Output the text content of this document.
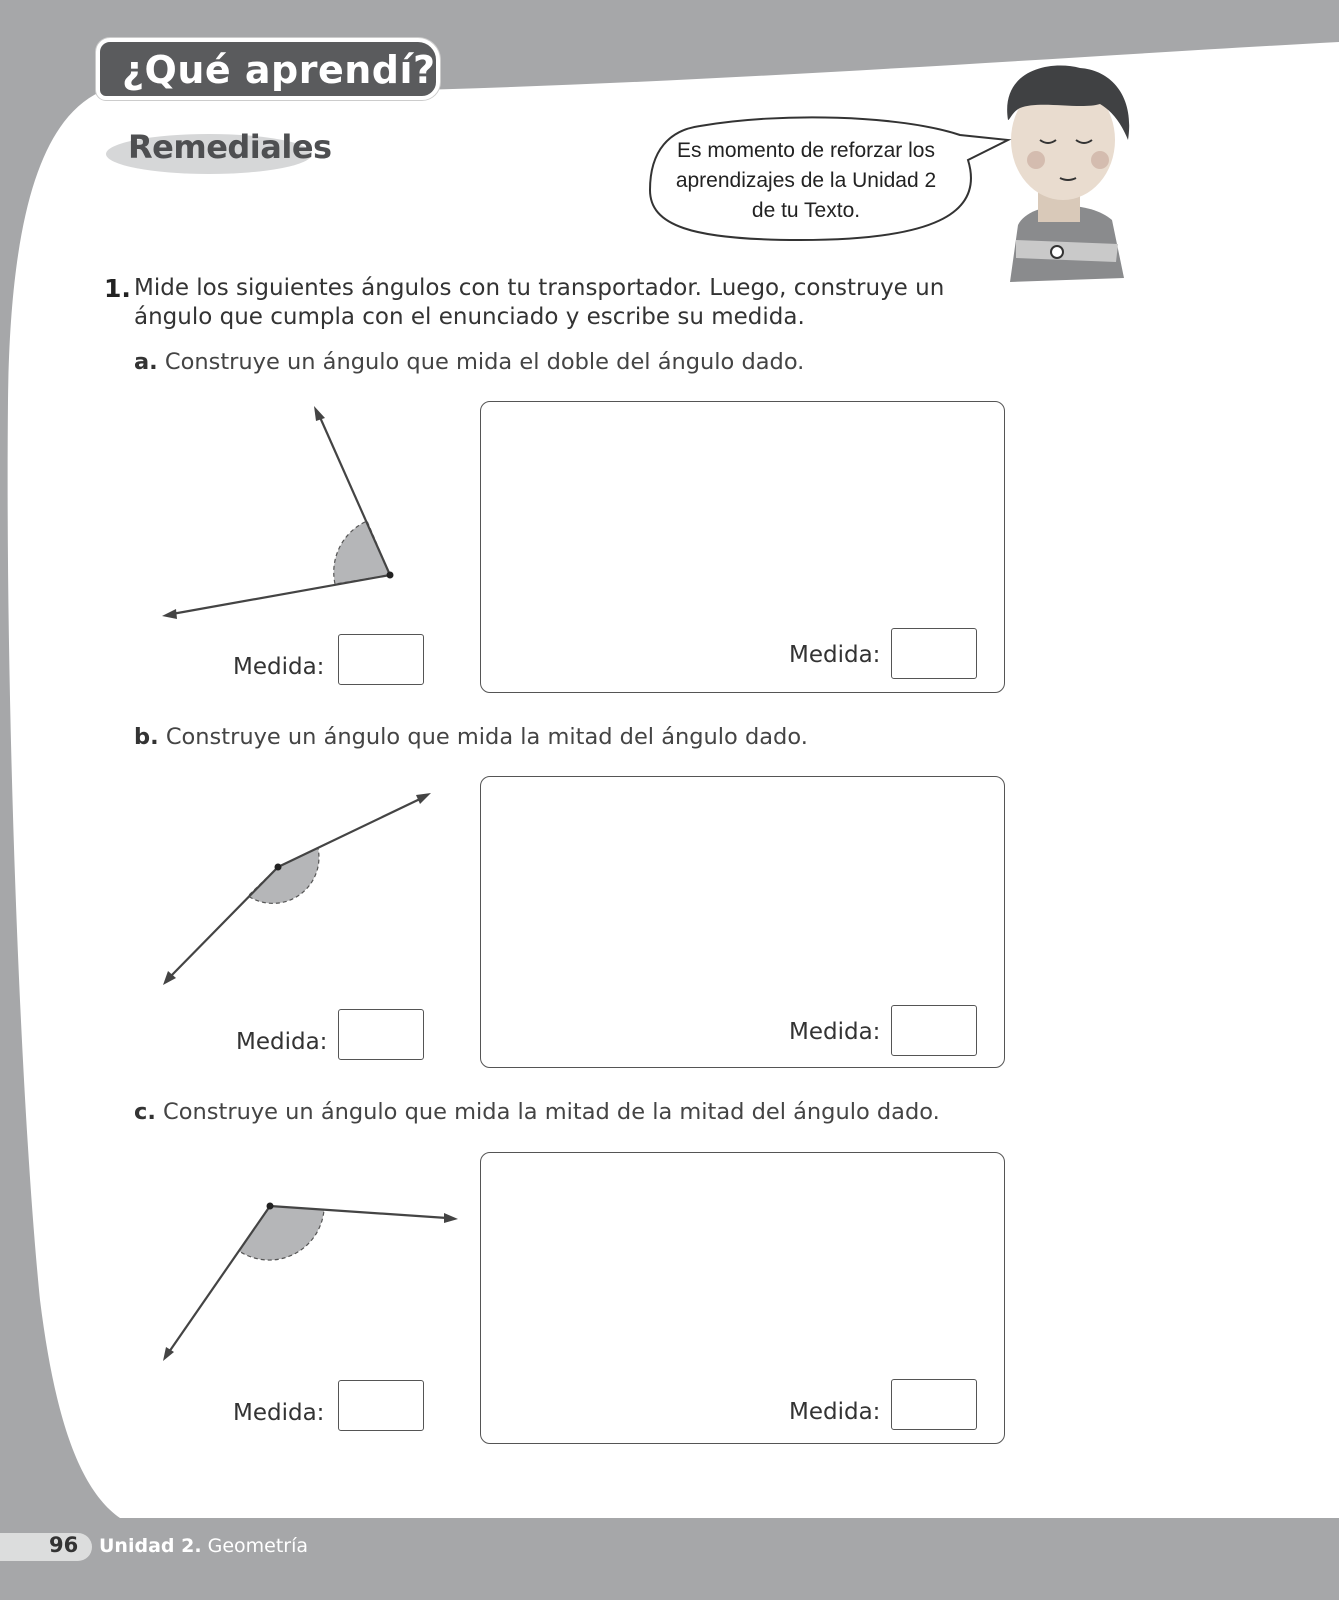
¿Qué aprendí?
Remediales	Es momento de reforzar los
aprendizajes de la Unidad 2
de tu Texto.
1. Mide los siguientes ángulos con tu transportador. Luego, construye un
ángulo que cumpla con el enunciado y escribe su medida.
a. Construye un ángulo que mida el doble del ángulo dado.
Medida:	Medida:
b. Construye un ángulo que mida la mitad del ángulo dado.
Medida:	Medida:
c. Construye un ángulo que mida la mitad de la mitad del ángulo dado.
Medida:	Medida:
96 Unidad 2. Geometría
